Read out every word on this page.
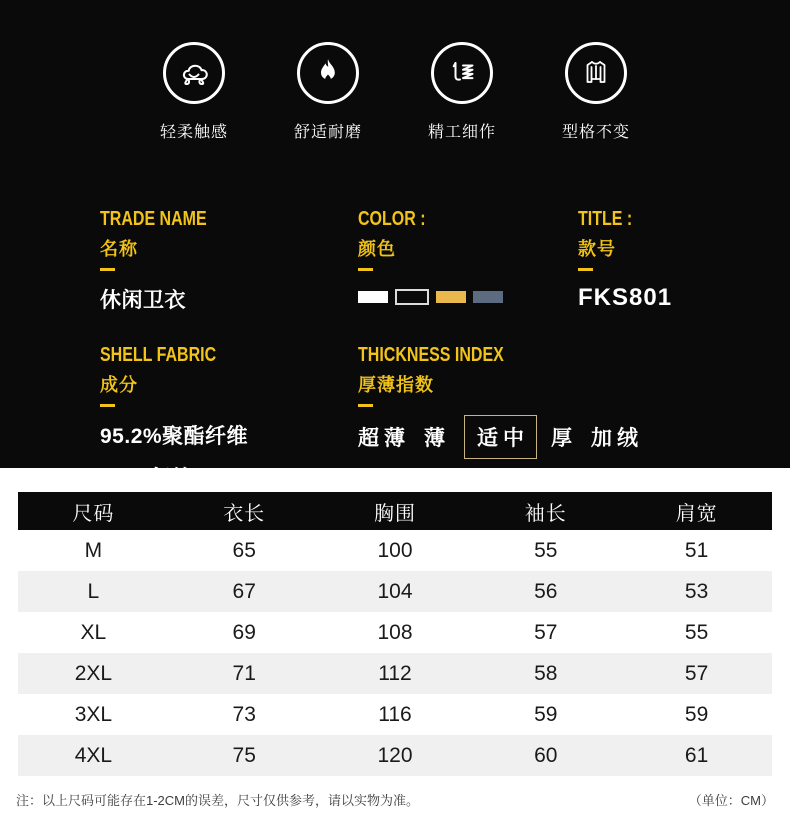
轻柔触感	舒适耐磨	精工细作	型格不变
TRADE NAME
名称
休闲卫衣
COLOR :
颜色
TITLE :
款号
FKS801
SHELL FABRIC
成分
95.2%聚酯纤维
4.8%氨纶
THICKNESS INDEX
厚薄指数
超薄 薄	适中	厚 加绒
尺码	衣长	胸围	袖长	肩宽
M	65	100	55	51
L	67	104	56	53
XL	69	108	57	55
2XL	71	112	58	57
3XL	73	116	59	59
4XL	75	120	60	61
注：以上尺码可能存在1-2CM的误差，尺寸仅供参考，请以实物为准。	（单位：CM）
